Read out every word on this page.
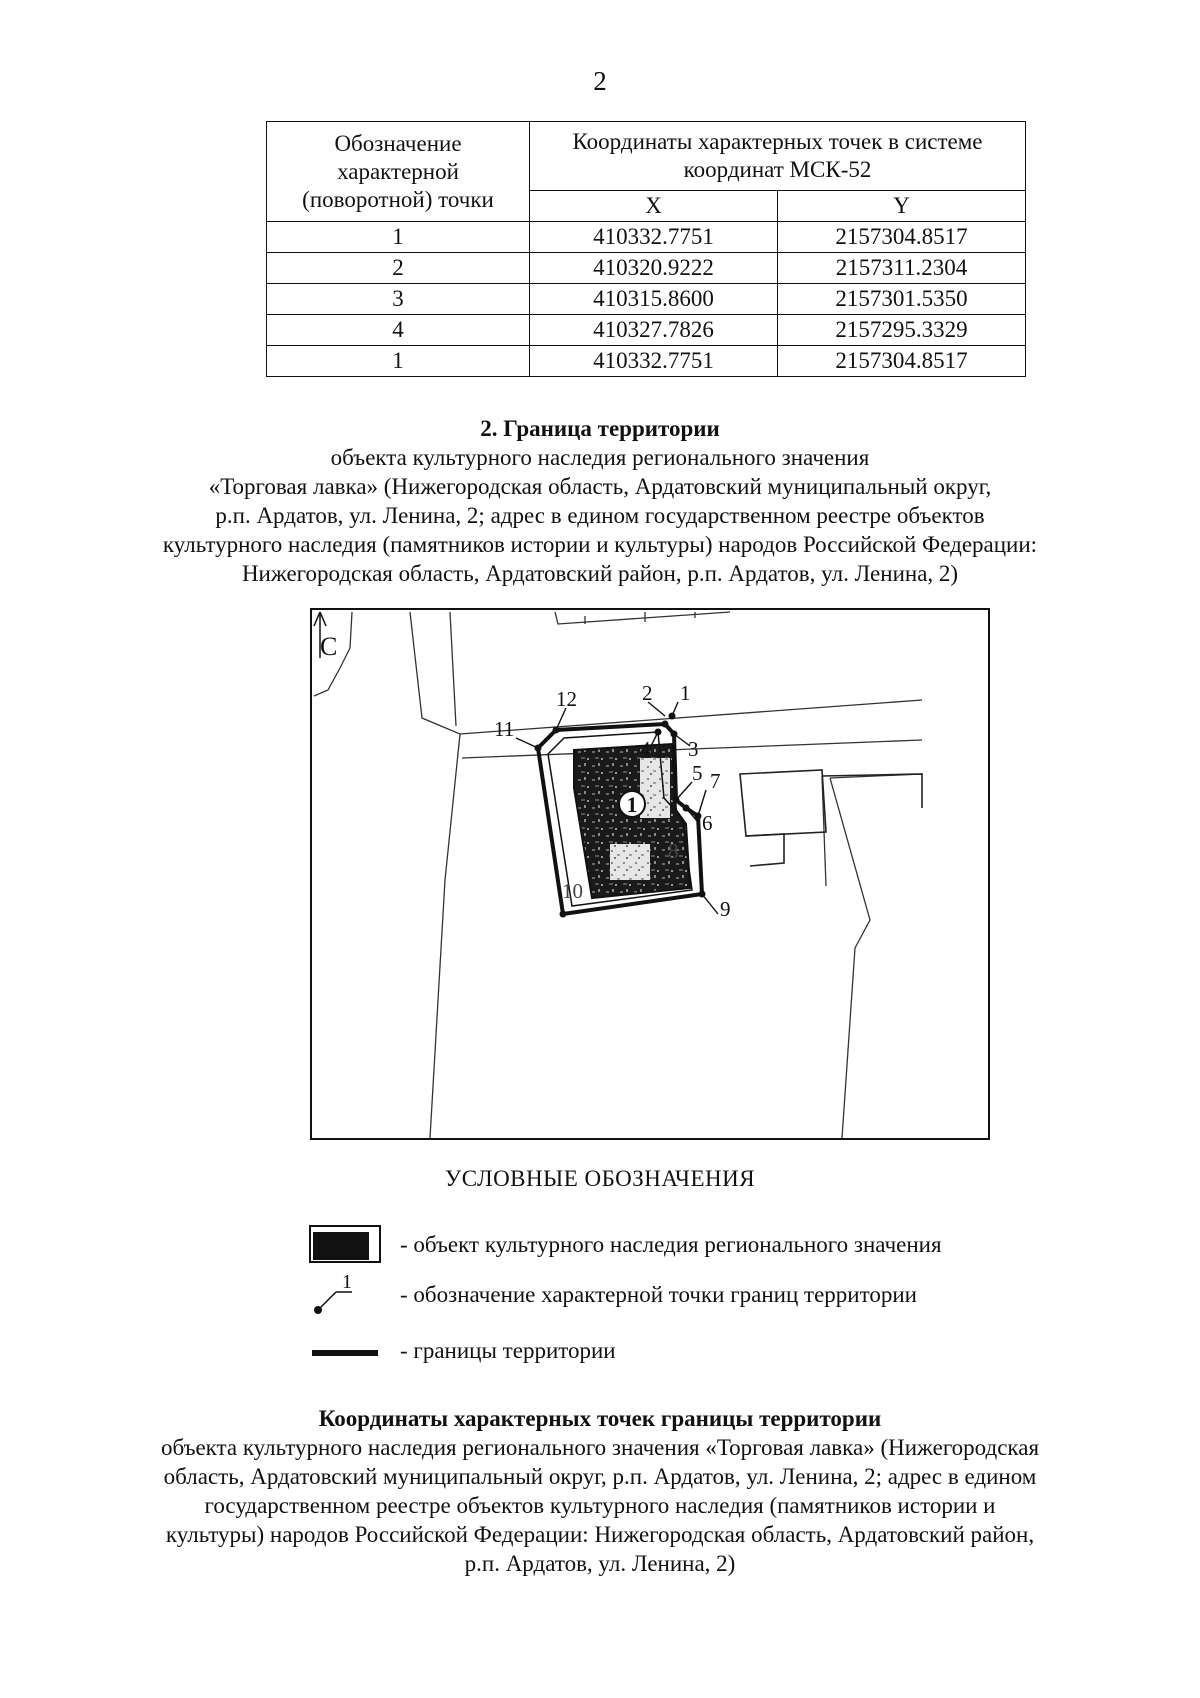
2
Обозначение характерной (поворотной) точки	Координаты характерных точек в системе координат МСК-52	
	X	Y
1	410332.7751	2157304.8517
2	410320.9222	2157311.2304
3	410315.8600	2157301.5350
4	410327.7826	2157295.3329
1	410332.7751	2157304.8517
2. Граница территории
объекта культурного наследия регионального значения
«Торговая лавка» (Нижегородская область, Ардатовский муниципальный округ,
р.п. Ардатов, ул. Ленина, 2; адрес в едином государственном реестре объектов
культурного наследия (памятников истории и культуры) народов Российской Федерации:
Нижегородская область, Ардатовский район, р.п. Ардатов, ул. Ленина, 2)
С
1
1
2
3
4
5
6
7
8
9
10
11
12
УСЛОВНЫЕ ОБОЗНАЧЕНИЯ
- объект культурного наследия регионального значения
1 - обозначение характерной точки границ территории
- границы территории
Координаты характерных точек границы территории
объекта культурного наследия регионального значения «Торговая лавка» (Нижегородская
область, Ардатовский муниципальный округ, р.п. Ардатов, ул. Ленина, 2; адрес в едином
государственном реестре объектов культурного наследия (памятников истории и
культуры) народов Российской Федерации: Нижегородская область, Ардатовский район,
р.п. Ардатов, ул. Ленина, 2)
